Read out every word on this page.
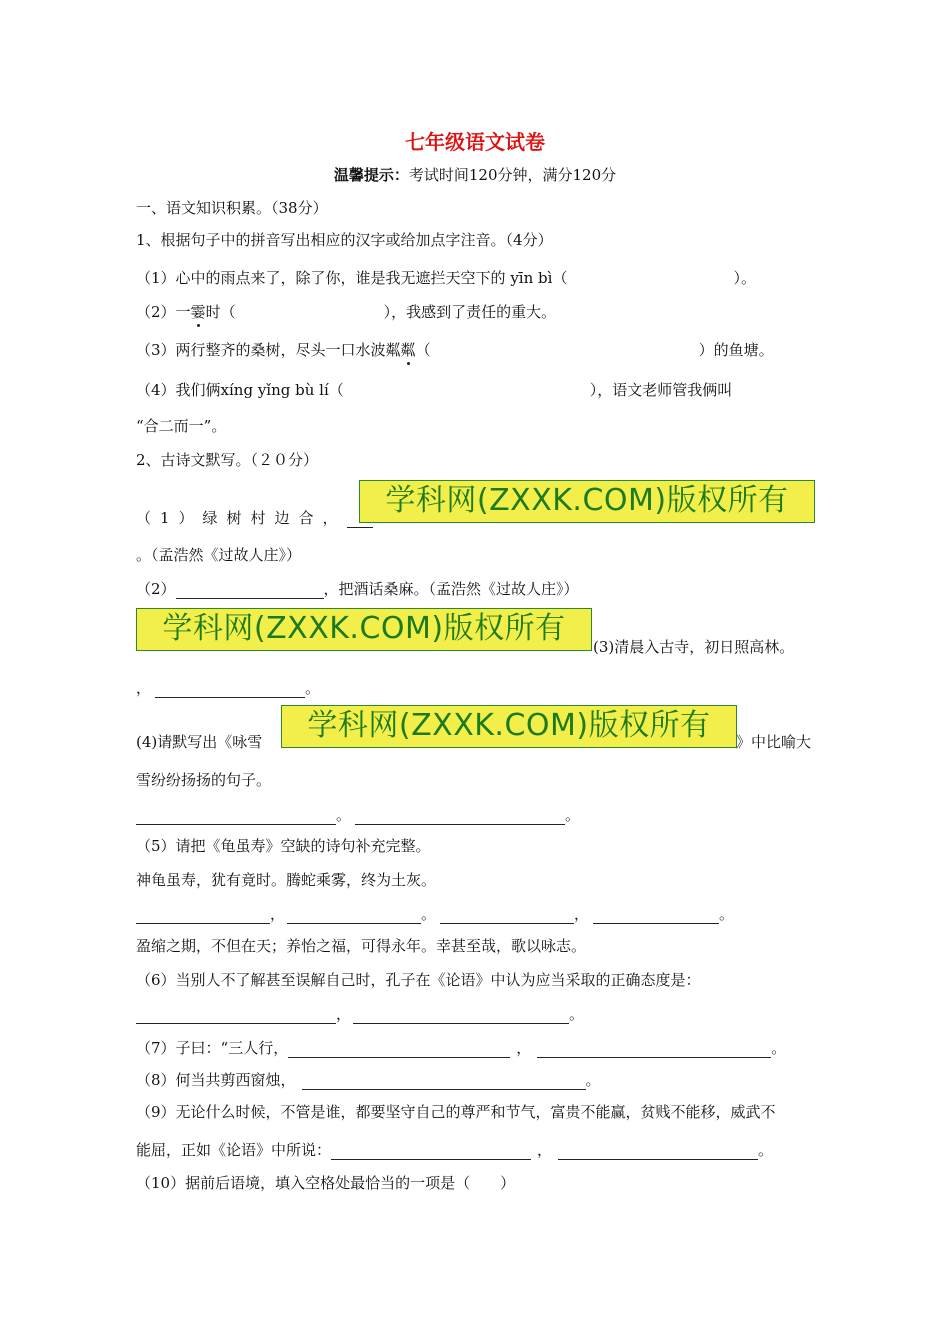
七年级语文试卷
温馨提示：考试时间120分钟，满分120分
一、语文知识积累。（38分）
1、根据句子中的拼音写出相应的汉字或给加点字注音。（4分）
（1）心中的雨点来了，除了你，谁是我无遮拦天空下的 yīn bì（	）。
（2）一霎时（	），我感到了责任的重大。
（3）两行整齐的桑树，尽头一口水波粼粼（	）的鱼塘。
（4）我们俩xíng yǐng bù lí（	），语文老师管我俩叫
“合二而一”。
2、古诗文默写。（２０分）
（1）绿树村边合，	学科网(ZXXK.COM)版权所有
。（孟浩然《过故人庄》）
（2）	，把酒话桑麻。（孟浩然《过故人庄》）
学科网(ZXXK.COM)版权所有
(3)清晨入古寺，初日照高林。
，	。
(4)请默写出《咏雪	学科网(ZXXK.COM)版权所有	》中比喻大
雪纷纷扬扬的句子。
。	。
（5）请把《龟虽寿》空缺的诗句补充完整。
神龟虽寿，犹有竟时。腾蛇乘雾，终为土灰。
，	。	，	。
盈缩之期，不但在天；养怡之福，可得永年。幸甚至哉，歌以咏志。
（6）当别人不了解甚至误解自己时，孔子在《论语》中认为应当采取的正确态度是：
，	。
（7）子曰：“三人行，	，	。
（8）何当共剪西窗烛，	。
（9）无论什么时候，不管是谁，都要坚守自己的尊严和节气，富贵不能赢，贫贱不能移，威武不
能屈，正如《论语》中所说：	，	。
（10）据前后语境，填入空格处最恰当的一项是（　　）
